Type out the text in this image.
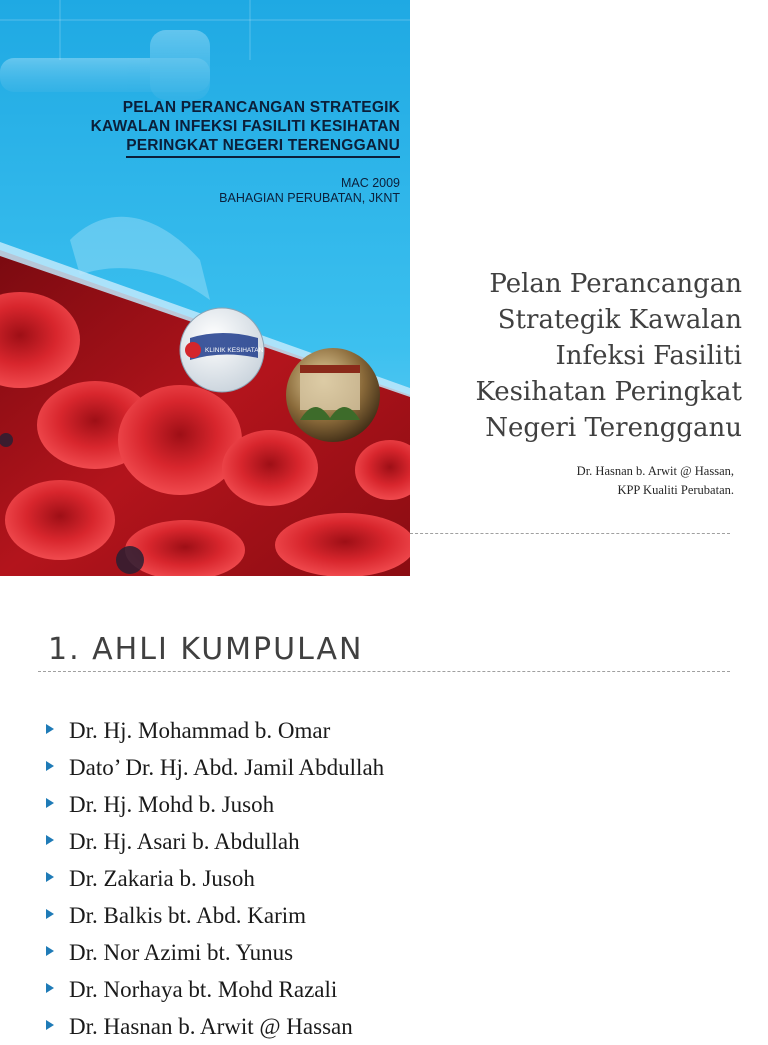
KLINIK KESIHATAN
PELAN PERANCANGAN STRATEGIK
KAWALAN INFEKSI FASILITI KESIHATAN
PERINGKAT NEGERI TERENGGANU
MAC 2009
BAHAGIAN PERUBATAN, JKNT
Pelan Perancangan
Strategik Kawalan
Infeksi Fasiliti
Kesihatan Peringkat
Negeri Terengganu
Dr. Hasnan b. Arwit @ Hassan,
KPP Kualiti Perubatan.
1. AHLI KUMPULAN
Dr. Hj. Mohammad b. Omar
Dato’ Dr. Hj. Abd. Jamil Abdullah
Dr. Hj. Mohd b. Jusoh
Dr. Hj. Asari b. Abdullah
Dr. Zakaria b. Jusoh
Dr. Balkis bt. Abd. Karim
Dr. Nor Azimi bt. Yunus
Dr. Norhaya bt. Mohd Razali
Dr. Hasnan b. Arwit @ Hassan
